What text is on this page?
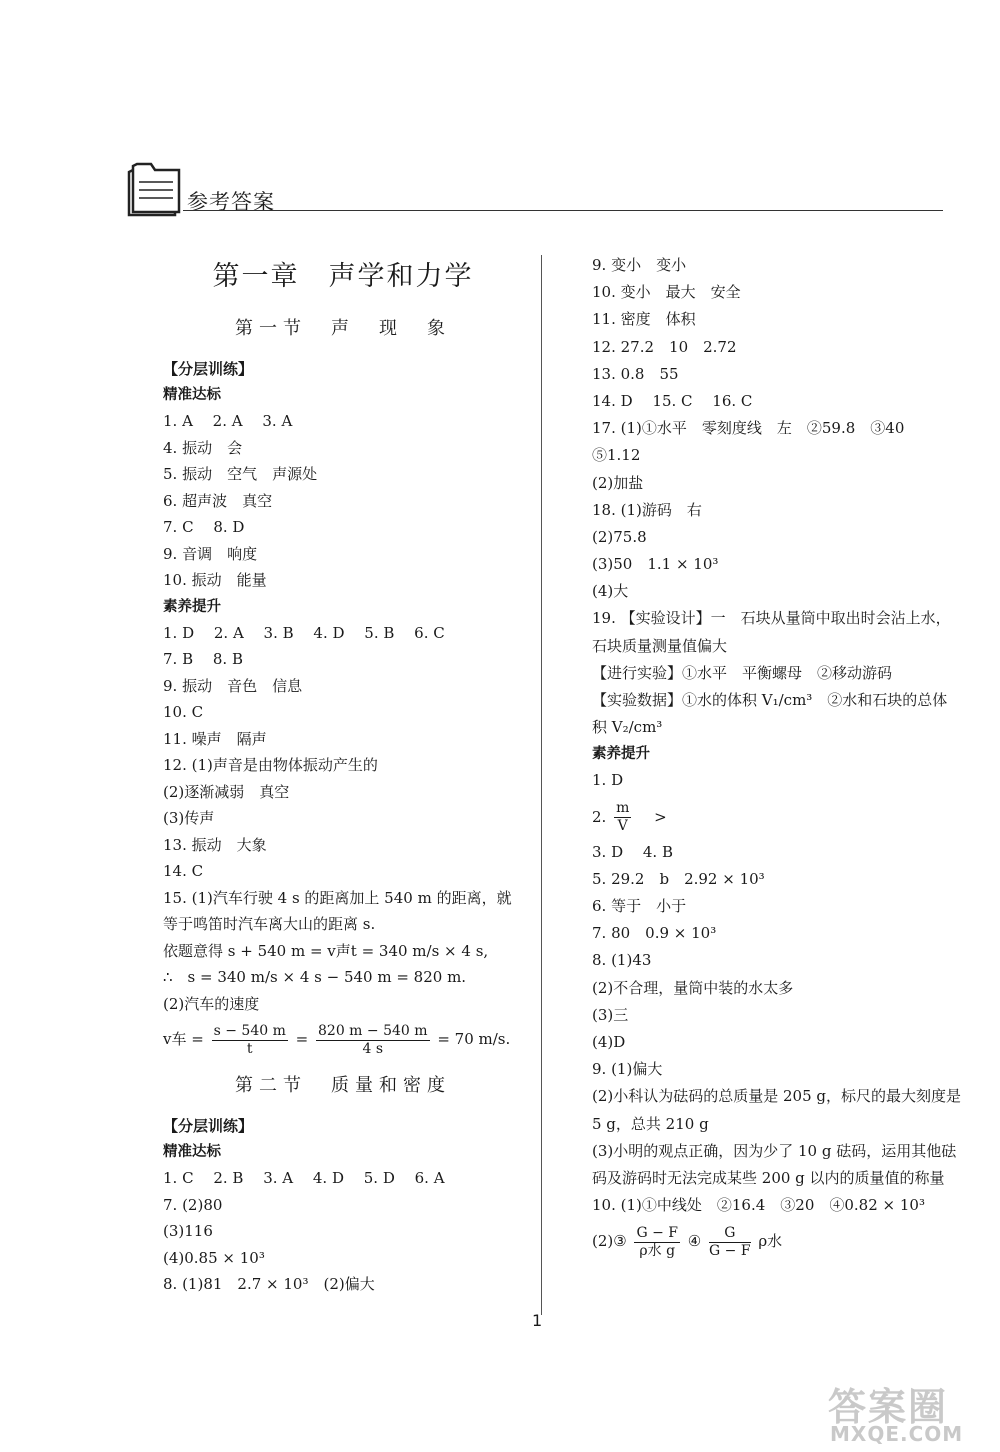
参考答案
第一章　声学和力学
第一节　声　现　象
【分层训练】
精准达标
1. A　 2. A　 3. A
4. 振动　会
5. 振动　空气　声源处
6. 超声波　真空
7. C　 8. D
9. 音调　响度
10. 振动　能量
素养提升
1. D　 2. A　 3. B　 4. D　 5. B　 6. C
7. B　 8. B
9. 振动　音色　信息
10. C
11. 噪声　隔声
12. (1)声音是由物体振动产生的
(2)逐渐减弱　真空
(3)传声
13. 振动　大象
14. C
15. (1)汽车行驶 4 s 的距离加上 540 m 的距离，就等于鸣笛时汽车离大山的距离 s.
依题意得 s + 540 m = v声t = 340 m/s × 4 s,
∴　s = 340 m/s × 4 s − 540 m = 820 m.
(2)汽车的速度
v车 = $\frac{s - 540 m}{t} = \frac{820 m - 540 m}{4 s} = 70$ m/s.
第二节　质量和密度
【分层训练】
精准达标
1. C　 2. B　 3. A　 4. D　 5. D　 6. A
7. (2)80
(3)116
(4)0.85 × 10³
8. (1)81　2.7 × 10³　(2)偏大
9. 变小　变小
10. 变小　最大　安全
11. 密度　体积
12. 27.2　10　2.72
13. 0.8　55
14. D　 15. C　 16. C
17. (1)①水平　零刻度线　左　②59.8　③40　⑤1.12
(2)加盐
18. (1)游码　右
(2)75.8
(3)50　1.1 × 10³
(4)大
19. 【实验设计】一　石块从量筒中取出时会沾上水，石块质量测量值偏大
【进行实验】①水平　平衡螺母　②移动游码
【实验数据】①水的体积 V₁/cm³　②水和石块的总体积 V₂/cm³
素养提升
1. D
2. $\frac{m}{V}$ 　>
3. D　 4. B
5. 29.2　b　2.92 × 10³
6. 等于　小于
7. 80　0.9 × 10³
8. (1)43
(2)不合理，量筒中装的水太多
(3)三
(4)D
9. (1)偏大
(2)小科认为砝码的总质量是 205 g，标尺的最大刻度是 5 g，总共 210 g
(3)小明的观点正确，因为少了 10 g 砝码，运用其他砝码及游码时无法完成某些 200 g 以内的质量值的称量
10. (1)①中线处　②16.4　③20　④0.82 × 10³
(2)③ $\frac{G - F}{\text{ρ水 g}}$ ④ $\frac{G}{G - F}$ ρ水
1
答案圈
MXQE.COM
